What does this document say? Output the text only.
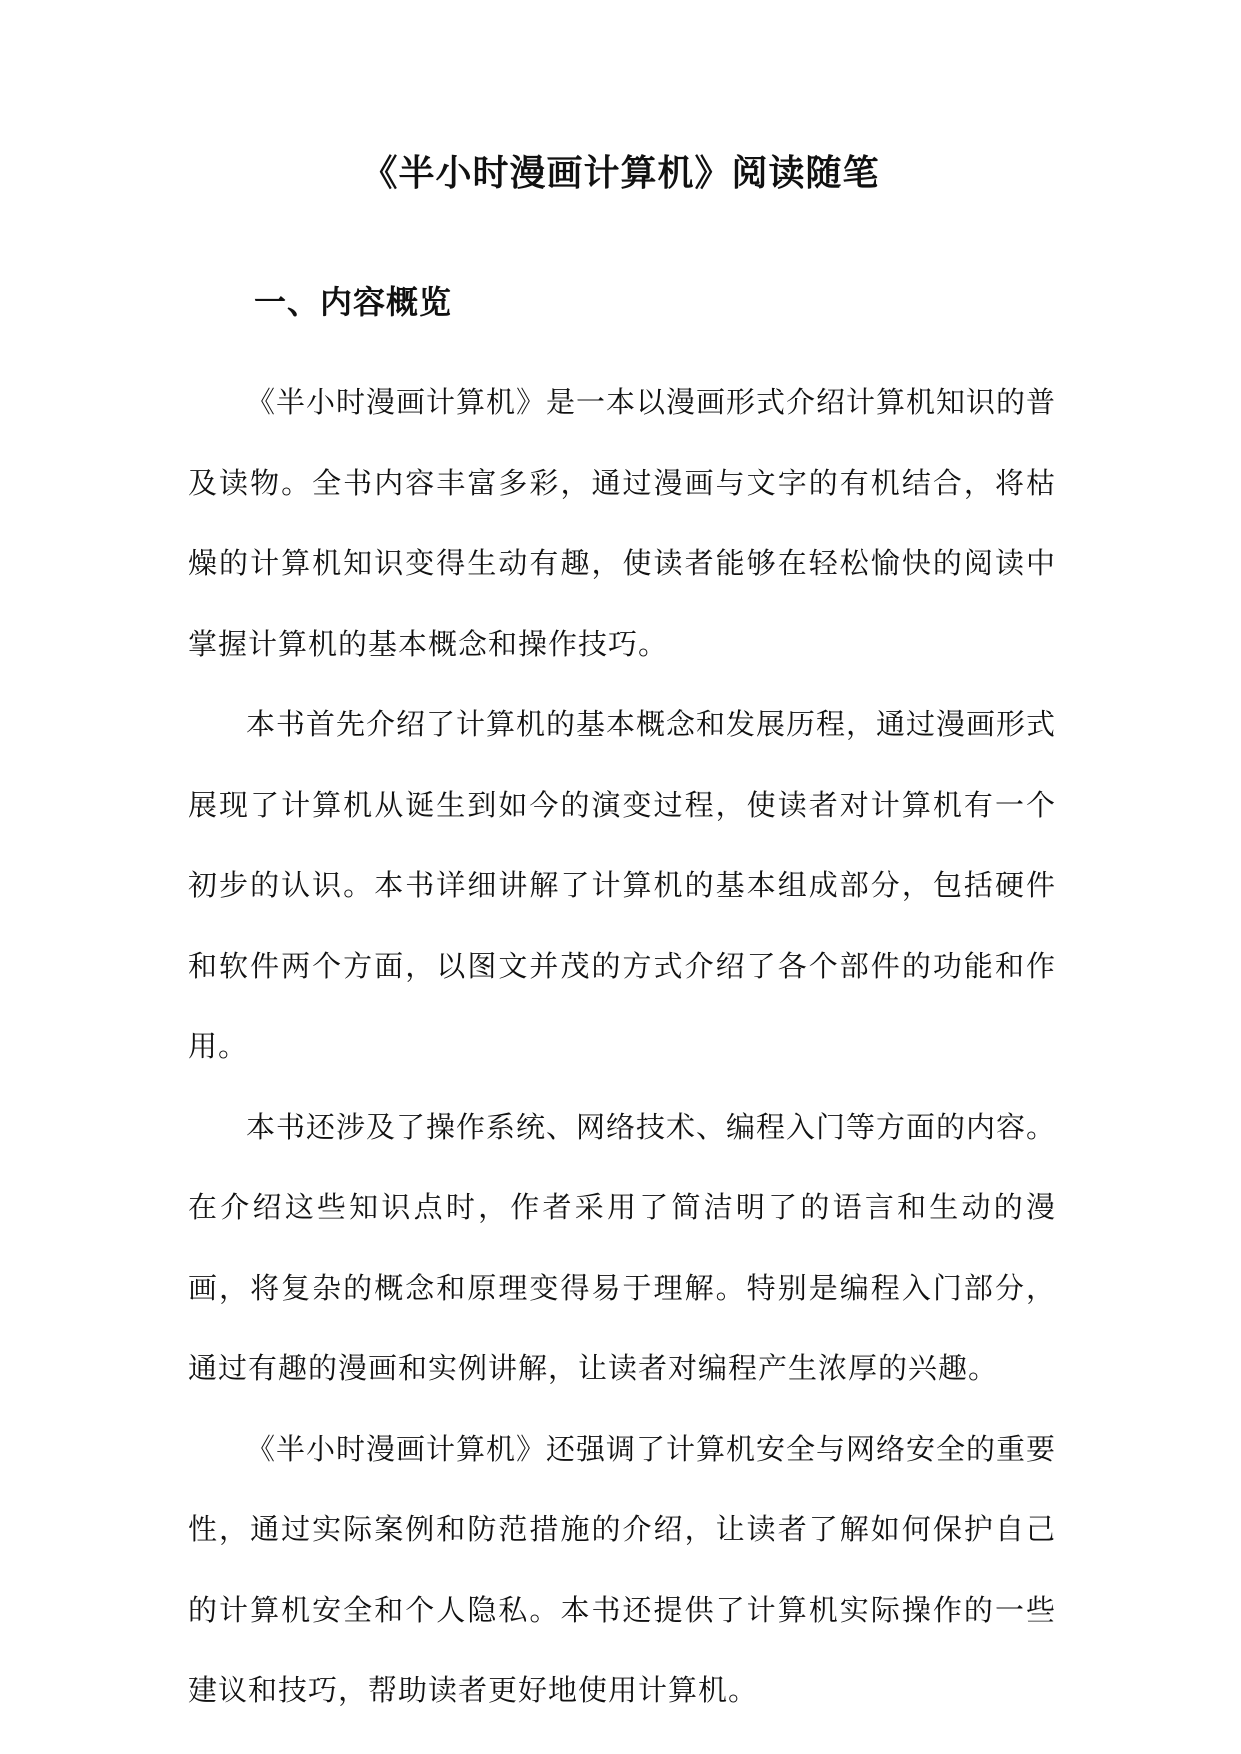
《半小时漫画计算机》阅读随笔
一、内容概览

《半小时漫画计算机》是一本以漫画形式介绍计算机知识的普及读物。全书内容丰富多彩，通过漫画与文字的有机结合，将枯燥的计算机知识变得生动有趣，使读者能够在轻松愉快的阅读中掌握计算机的基本概念和操作技巧。

本书首先介绍了计算机的基本概念和发展历程，通过漫画形式展现了计算机从诞生到如今的演变过程，使读者对计算机有一个初步的认识。本书详细讲解了计算机的基本组成部分，包括硬件和软件两个方面，以图文并茂的方式介绍了各个部件的功能和作用。

本书还涉及了操作系统、网络技术、编程入门等方面的内容。在介绍这些知识点时，作者采用了简洁明了的语言和生动的漫画，将复杂的概念和原理变得易于理解。特别是编程入门部分，通过有趣的漫画和实例讲解，让读者对编程产生浓厚的兴趣。

《半小时漫画计算机》还强调了计算机安全与网络安全的重要性，通过实际案例和防范措施的介绍，让读者了解如何保护自己的计算机安全和个人隐私。本书还提供了计算机实际操作的一些建议和技巧，帮助读者更好地使用计算机。
